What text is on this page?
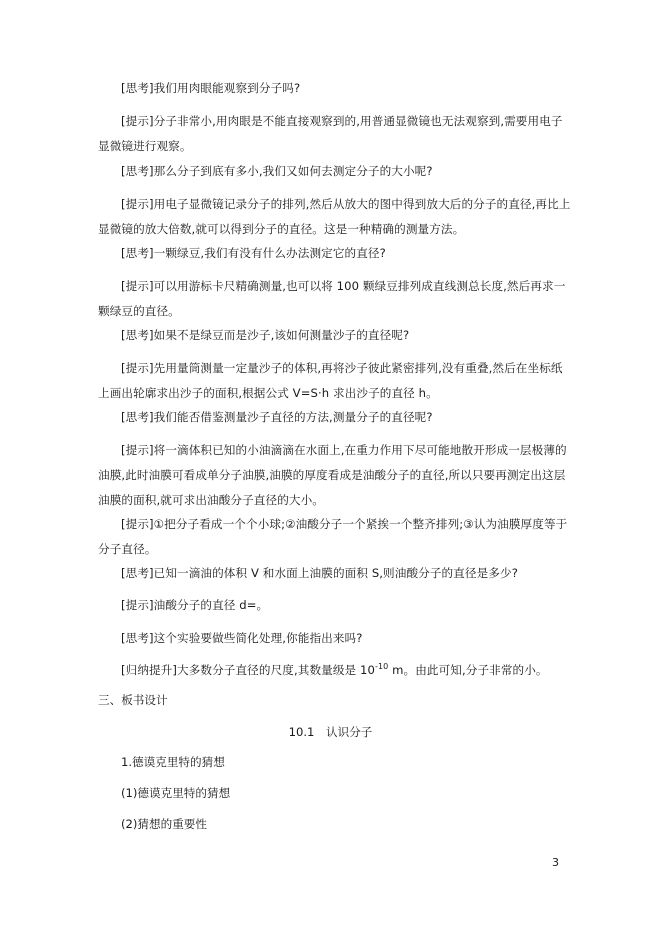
[思考]我们用肉眼能观察到分子吗?
[提示]分子非常小,用肉眼是不能直接观察到的,用普通显微镜也无法观察到,需要用电子显微镜进行观察。
[思考]那么分子到底有多小,我们又如何去测定分子的大小呢?
[提示]用电子显微镜记录分子的排列,然后从放大的图中得到放大后的分子的直径,再比上显微镜的放大倍数,就可以得到分子的直径。这是一种精确的测量方法。
[思考]一颗绿豆,我们有没有什么办法测定它的直径?
[提示]可以用游标卡尺精确测量,也可以将 100 颗绿豆排列成直线测总长度,然后再求一颗绿豆的直径。
[思考]如果不是绿豆而是沙子,该如何测量沙子的直径呢?
[提示]先用量筒测量一定量沙子的体积,再将沙子彼此紧密排列,没有重叠,然后在坐标纸上画出轮廓求出沙子的面积,根据公式 V=S·h 求出沙子的直径 h。
[思考]我们能否借鉴测量沙子直径的方法,测量分子的直径呢?
[提示]将一滴体积已知的小油滴滴在水面上,在重力作用下尽可能地散开形成一层极薄的油膜,此时油膜可看成单分子油膜,油膜的厚度看成是油酸分子的直径,所以只要再测定出这层油膜的面积,就可求出油酸分子直径的大小。
[提示]①把分子看成一个个小球;②油酸分子一个紧挨一个整齐排列;③认为油膜厚度等于分子直径。
[思考]已知一滴油的体积 V 和水面上油膜的面积 S,则油酸分子的直径是多少?
[提示]油酸分子的直径 d=。
[思考]这个实验要做些简化处理,你能指出来吗?
[归纳提升]大多数分子直径的尺度,其数量级是 $10^{-10}$ m。由此可知,分子非常的小。
三、板书设计
10.1　认识分子
1.德谟克里特的猜想
(1)德谟克里特的猜想
(2)猜想的重要性
3
